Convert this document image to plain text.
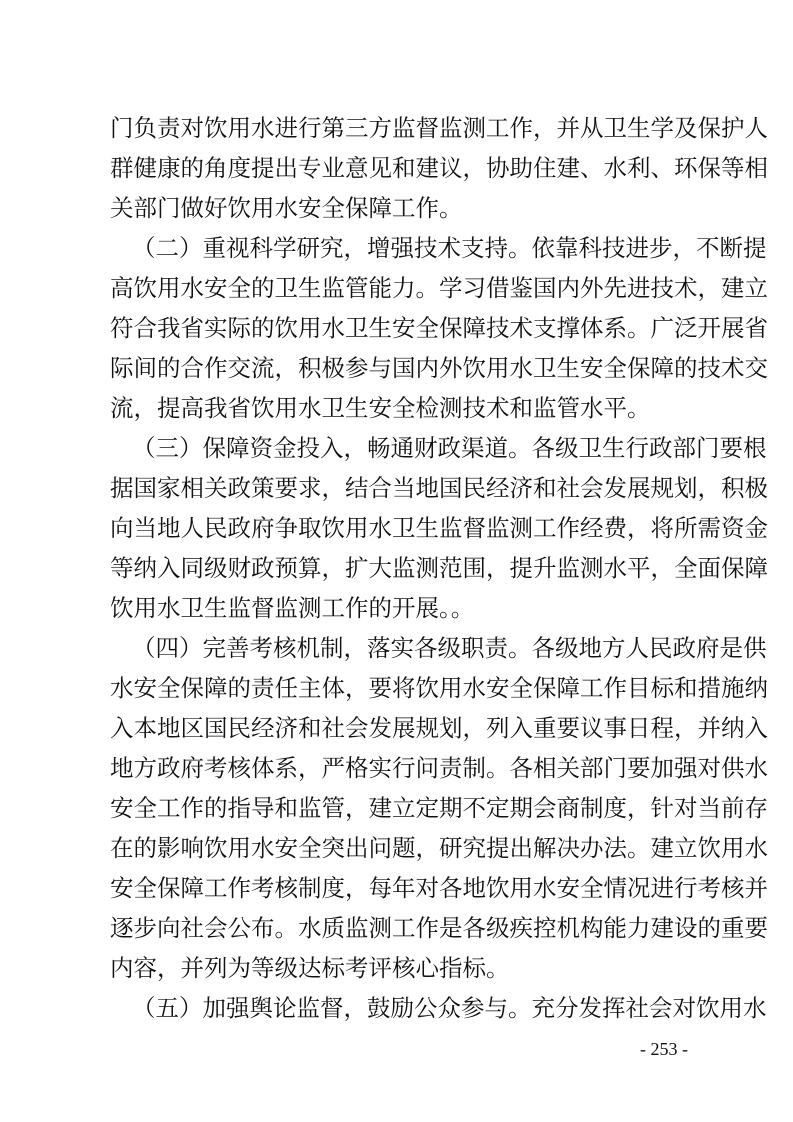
门负责对饮用水进行第三方监督监测工作，并从卫生学及保护人
群健康的角度提出专业意见和建议，协助住建、水利、环保等相
关部门做好饮用水安全保障工作。
（二）重视科学研究，增强技术支持。依靠科技进步，不断提
高饮用水安全的卫生监管能力。学习借鉴国内外先进技术，建立
符合我省实际的饮用水卫生安全保障技术支撑体系。广泛开展省
际间的合作交流，积极参与国内外饮用水卫生安全保障的技术交
流，提高我省饮用水卫生安全检测技术和监管水平。
（三）保障资金投入，畅通财政渠道。各级卫生行政部门要根
据国家相关政策要求，结合当地国民经济和社会发展规划，积极
向当地人民政府争取饮用水卫生监督监测工作经费，将所需资金
等纳入同级财政预算，扩大监测范围，提升监测水平，全面保障
饮用水卫生监督监测工作的开展。。
（四）完善考核机制，落实各级职责。各级地方人民政府是供
水安全保障的责任主体，要将饮用水安全保障工作目标和措施纳
入本地区国民经济和社会发展规划，列入重要议事日程，并纳入
地方政府考核体系，严格实行问责制。各相关部门要加强对供水
安全工作的指导和监管，建立定期不定期会商制度，针对当前存
在的影响饮用水安全突出问题，研究提出解决办法。建立饮用水
安全保障工作考核制度，每年对各地饮用水安全情况进行考核并
逐步向社会公布。水质监测工作是各级疾控机构能力建设的重要
内容，并列为等级达标考评核心指标。
（五）加强舆论监督，鼓励公众参与。充分发挥社会对饮用水
- 253 -
